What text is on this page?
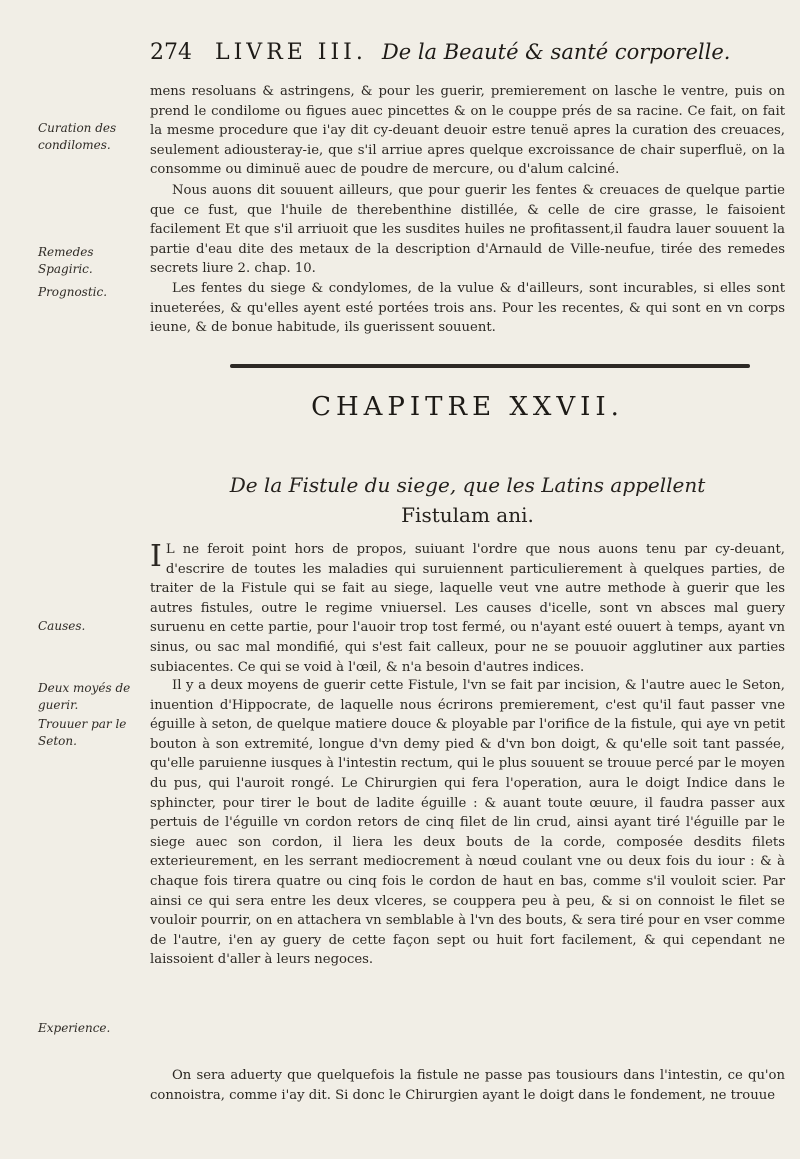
274 LIVRE III. De la Beauté & santé corporelle.
Curation des condilomes.
Remedes Spagiric.
Prognostic.
Causes.
Deux moyés de guerir.
Trouuer par le Seton.
Experience.

mens resoluans & astringens, & pour les guerir, premierement on lasche le ventre, puis on prend le condilome ou figues auec pincettes & on le couppe prés de sa racine. Ce fait, on fait la mesme procedure que i'ay dit cy-deuant deuoir estre tenuë apres la curation des creuaces, seulement adiousteray-ie, que s'il arriue apres quelque excroissance de chair superfluë, on la consomme ou diminuë auec de poudre de mercure, ou d'alum calciné.

Nous auons dit souuent ailleurs, que pour guerir les fentes & creuaces de quelque partie que ce fust, que l'huile de therebenthine distillée, & celle de cire grasse, le faisoient facilement Et que s'il arriuoit que les susdites huiles ne profitassent,il faudra lauer souuent la partie d'eau dite des metaux de la description d'Arnauld de Ville-neufue, tirée des remedes secrets liure 2. chap. 10.

Les fentes du siege & condylomes, de la vulue & d'ailleurs, sont incurables, si elles sont inueterées, & qu'elles ayent esté portées trois ans. Pour les recentes, & qui sont en vn corps ieune, & de bonue habitude, ils guerissent souuent.

CHAPITRE XXVII.
De la Fistule du siege, que les Latins appellent
Fistulam ani.
I L ne feroit point hors de propos, suiuant l'ordre que nous auons tenu par cy-deuant, d'escrire de toutes les maladies qui suruiennent particulierement à quelques parties, de traiter de la Fistule qui se fait au siege, laquelle veut vne autre methode à guerir que les autres fistules, outre le regime vniuersel. Les causes d'icelle, sont vn absces mal guery suruenu en cette partie, pour l'auoir trop tost fermé, ou n'ayant esté ouuert à temps, ayant vn sinus, ou sac mal mondifié, qui s'est fait calleux, pour ne se pouuoir agglutiner aux parties subiacentes. Ce qui se void à l'œil, & n'a besoin d'autres indices.

Il y a deux moyens de guerir cette Fistule, l'vn se fait par incision, & l'autre auec le Seton, inuention d'Hippocrate, de laquelle nous écrirons premierement, c'est qu'il faut passer vne éguille à seton, de quelque matiere douce & ployable par l'orifice de la fistule, qui aye vn petit bouton à son extremité, longue d'vn demy pied & d'vn bon doigt, & qu'elle soit tant passée, qu'elle paruienne iusques à l'intestin rectum, qui le plus souuent se trouue percé par le moyen du pus, qui l'auroit rongé. Le Chirurgien qui fera l'operation, aura le doigt Indice dans le sphincter, pour tirer le bout de ladite éguille : & auant toute œuure, il faudra passer aux pertuis de l'éguille vn cordon retors de cinq filet de lin crud, ainsi ayant tiré l'éguille par le siege auec son cordon, il liera les deux bouts de la corde, composée desdits filets exterieurement, en les serrant mediocrement à nœud coulant vne ou deux fois du iour : & à chaque fois tirera quatre ou cinq fois le cordon de haut en bas, comme s'il vouloit scier. Par ainsi ce qui sera entre les deux vlceres, se couppera peu à peu, & si on connoist le filet se vouloir pourrir, on en attachera vn semblable à l'vn des bouts, & sera tiré pour en vser comme de l'autre, i'en ay guery de cette façon sept ou huit fort facilement, & qui cependant ne laissoient d'aller à leurs negoces.

On sera aduerty que quelquefois la fistule ne passe pas tousiours dans l'intestin, ce qu'on connoistra, comme i'ay dit. Si donc le Chirurgien ayant le doigt dans le fondement, ne trouue
